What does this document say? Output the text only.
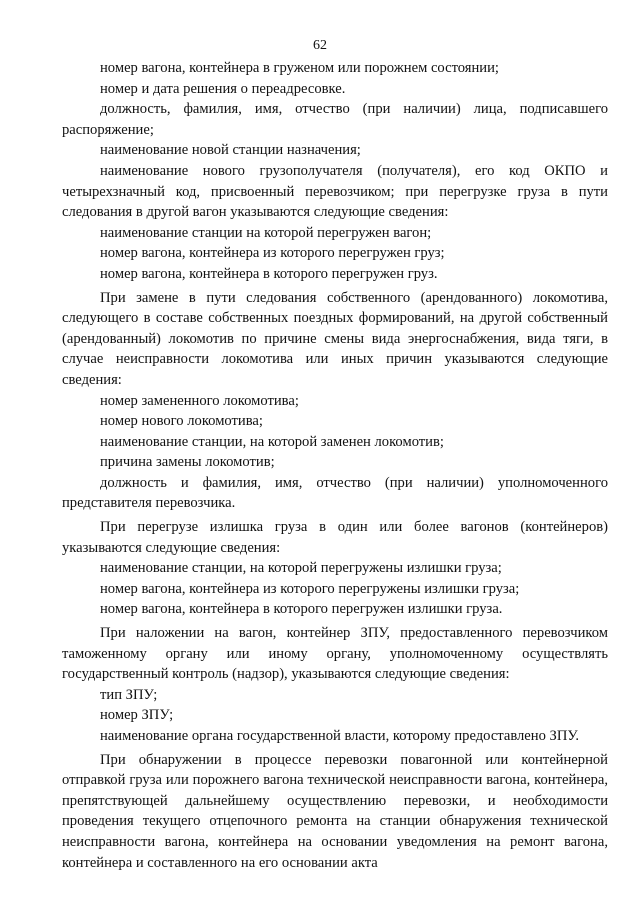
62

номер вагона, контейнера в груженом или порожнем состоянии;

номер и дата решения о переадресовке.

должность, фамилия, имя, отчество (при наличии) лица, подписавшего распоряжение;

наименование новой станции назначения;

наименование нового грузополучателя (получателя), его код ОКПО и четырехзначный код, присвоенный перевозчиком; при перегрузке груза в пути следования в другой вагон указываются следующие сведения:

наименование станции на которой перегружен вагон;

номер вагона, контейнера из которого перегружен груз;

номер вагона, контейнера в которого перегружен груз.

При замене в пути следования собственного (арендованного) локомотива, следующего в составе собственных поездных формирований, на другой собственный (арендованный) локомотив по причине смены вида энергоснабжения, вида тяги, в случае неисправности локомотива или иных причин указываются следующие сведения:

номер замененного локомотива;

номер нового локомотива;

наименование станции, на которой заменен локомотив;

причина замены локомотив;

должность и фамилия, имя, отчество (при наличии) уполномоченного представителя перевозчика.

При перегрузе излишка груза в один или более вагонов (контейнеров) указываются следующие сведения:

наименование станции, на которой перегружены излишки груза;

номер вагона, контейнера из которого перегружены излишки груза;

номер вагона, контейнера в которого перегружен излишки груза.

При наложении на вагон, контейнер ЗПУ, предоставленного перевозчиком таможенному органу или иному органу, уполномоченному осуществлять государственный контроль (надзор), указываются следующие сведения:

тип ЗПУ;

номер ЗПУ;

наименование органа государственной власти, которому предоставлено ЗПУ.

При обнаружении в процессе перевозки повагонной или контейнерной отправкой груза или порожнего вагона технической неисправности вагона, контейнера, препятствующей дальнейшему осуществлению перевозки, и необходимости проведения текущего отцепочного ремонта на станции обнаружения технической неисправности вагона, контейнера на основании уведомления на ремонт вагона, контейнера и составленного на его основании акта
